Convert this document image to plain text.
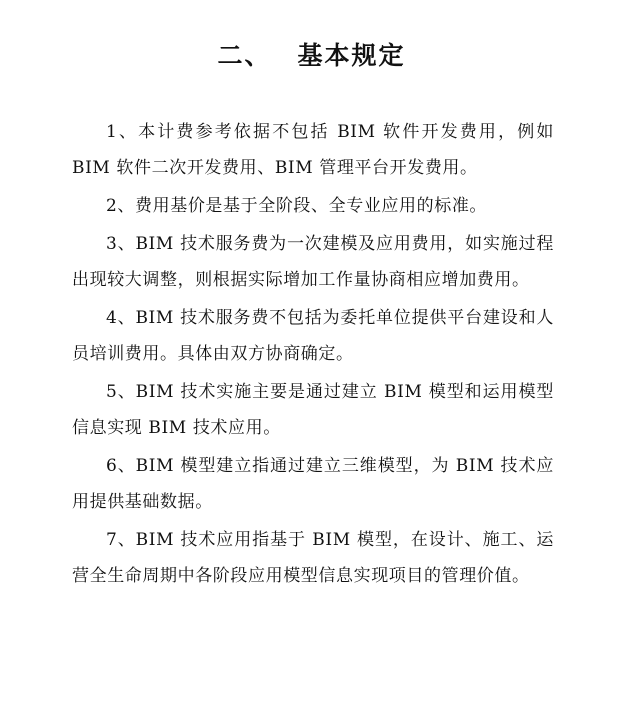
二、 基本规定

1、本计费参考依据不包括 BIM 软件开发费用，例如 BIM 软件二次开发费用、BIM 管理平台开发费用。

2、费用基价是基于全阶段、全专业应用的标准。

3、BIM 技术服务费为一次建模及应用费用，如实施过程出现较大调整，则根据实际增加工作量协商相应增加费用。

4、BIM 技术服务费不包括为委托单位提供平台建设和人员培训费用。具体由双方协商确定。

5、BIM 技术实施主要是通过建立 BIM 模型和运用模型信息实现 BIM 技术应用。

6、BIM 模型建立指通过建立三维模型，为 BIM 技术应用提供基础数据。

7、BIM 技术应用指基于 BIM 模型，在设计、施工、运营全生命周期中各阶段应用模型信息实现项目的管理价值。
